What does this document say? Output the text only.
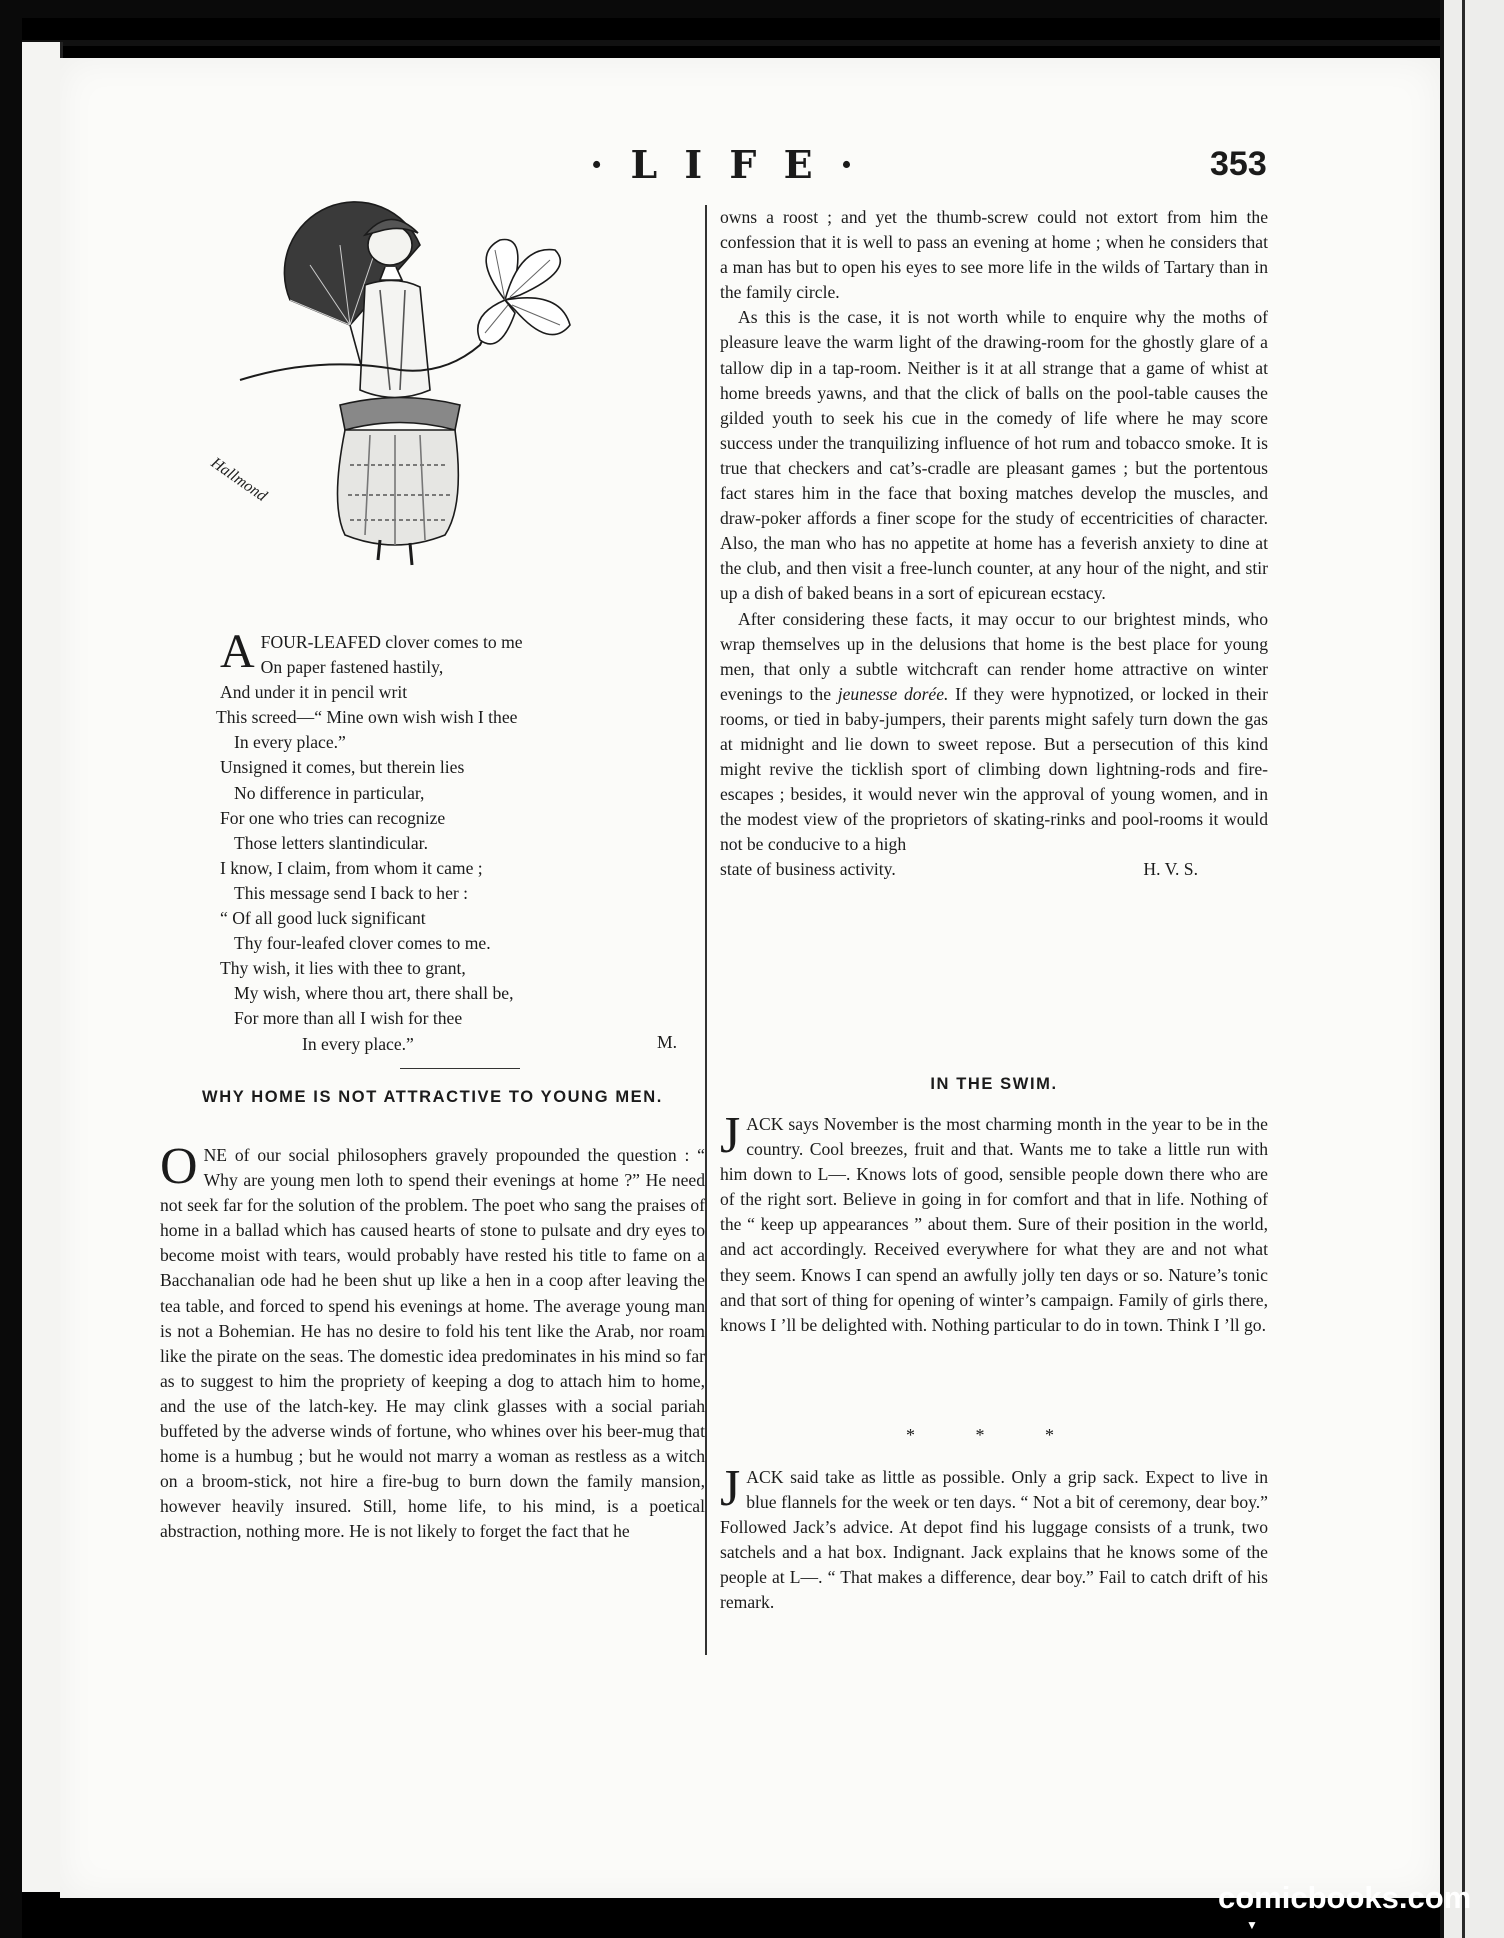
· L I F E ·	353
Hallmond
A FOUR-LEAFED clover comes to me
On paper fastened hastily,
And under it in pencil writ
This screed—“ Mine own wish wish I thee
In every place.”
Unsigned it comes, but therein lies
No difference in particular,
For one who tries can recognize
Those letters slantindicular.
I know, I claim, from whom it came ;
This message send I back to her :
“ Of all good luck significant
Thy four-leafed clover comes to me.
Thy wish, it lies with thee to grant,
My wish, where thou art, there shall be,
For more than all I wish for thee
In every place.”	M.
WHY HOME IS NOT ATTRACTIVE TO YOUNG MEN.

ONE of our social philosophers gravely propounded the question : “ Why are young men loth to spend their evenings at home ?” He need not seek far for the solution of the problem. The poet who sang the praises of home in a ballad which has caused hearts of stone to pulsate and dry eyes to become moist with tears, would probably have rested his title to fame on a Bacchanalian ode had he been shut up like a hen in a coop after leaving the tea table, and forced to spend his evenings at home. The average young man is not a Bohemian. He has no desire to fold his tent like the Arab, nor roam like the pirate on the seas. The domestic idea predominates in his mind so far as to suggest to him the propriety of keeping a dog to attach him to home, and the use of the latch-key. He may clink glasses with a social pariah buffeted by the adverse winds of fortune, who whines over his beer-mug that home is a humbug ; but he would not marry a woman as restless as a witch on a broom-stick, not hire a fire-bug to burn down the family mansion, however heavily insured. Still, home life, to his mind, is a poetical abstraction, nothing more. He is not likely to forget the fact that he

owns a roost ; and yet the thumb-screw could not extort from him the confession that it is well to pass an evening at home ; when he considers that a man has but to open his eyes to see more life in the wilds of Tartary than in the family circle.

As this is the case, it is not worth while to enquire why the moths of pleasure leave the warm light of the drawing-room for the ghostly glare of a tallow dip in a tap-room. Neither is it at all strange that a game of whist at home breeds yawns, and that the click of balls on the pool-table causes the gilded youth to seek his cue in the comedy of life where he may score success under the tranquilizing influence of hot rum and tobacco smoke. It is true that checkers and cat’s-cradle are pleasant games ; but the portentous fact stares him in the face that boxing matches develop the muscles, and draw-poker affords a finer scope for the study of eccentricities of character. Also, the man who has no appetite at home has a feverish anxiety to dine at the club, and then visit a free-lunch counter, at any hour of the night, and stir up a dish of baked beans in a sort of epicurean ecstacy.

After considering these facts, it may occur to our brightest minds, who wrap themselves up in the delusions that home is the best place for young men, that only a subtle witchcraft can render home attractive on winter evenings to the jeunesse dorée. If they were hypnotized, or locked in their rooms, or tied in baby-jumpers, their parents might safely turn down the gas at midnight and lie down to sweet repose. But a persecution of this kind might revive the ticklish sport of climbing down lightning-rods and fire-escapes ; besides, it would never win the approval of young women, and in the modest view of the proprietors of skating-rinks and pool-rooms it would not be conducive to a high

state of business activity.	H. V. S.
IN THE SWIM.

JACK says November is the most charming month in the year to be in the country. Cool breezes, fruit and that. Wants me to take a little run with him down to L—. Knows lots of good, sensible people down there who are of the right sort. Believe in going in for comfort and that in life. Nothing of the “ keep up appearances ” about them. Sure of their position in the world, and act accordingly. Received everywhere for what they are and not what they seem. Knows I can spend an awfully jolly ten days or so. Nature’s tonic and that sort of thing for opening of winter’s campaign. Family of girls there, knows I ’ll be delighted with. Nothing particular to do in town. Think I ’ll go.

* * *

JACK said take as little as possible. Only a grip sack. Expect to live in blue flannels for the week or ten days. “ Not a bit of ceremony, dear boy.” Followed Jack’s advice. At depot find his luggage consists of a trunk, two satchels and a hat box. Indignant. Jack explains that he knows some of the people at L—. “ That makes a difference, dear boy.” Fail to catch drift of his remark.

comicbooks.com
▼
